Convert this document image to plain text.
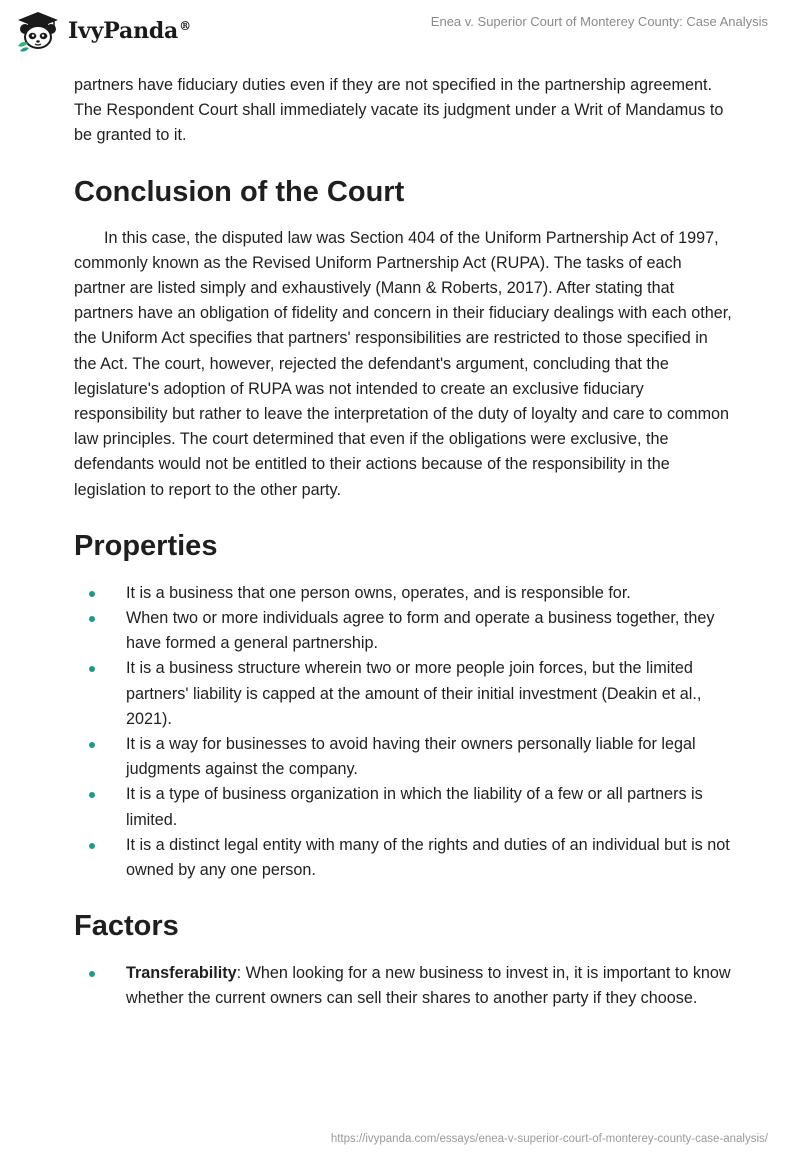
IvyPanda®	Enea v. Superior Court of Monterey County: Case Analysis

partners have fiduciary duties even if they are not specified in the partnership agreement. The Respondent Court shall immediately vacate its judgment under a Writ of Mandamus to be granted to it.

Conclusion of the Court

In this case, the disputed law was Section 404 of the Uniform Partnership Act of 1997, commonly known as the Revised Uniform Partnership Act (RUPA). The tasks of each partner are listed simply and exhaustively (Mann & Roberts, 2017). After stating that partners have an obligation of fidelity and concern in their fiduciary dealings with each other, the Uniform Act specifies that partners' responsibilities are restricted to those specified in the Act. The court, however, rejected the defendant's argument, concluding that the legislature's adoption of RUPA was not intended to create an exclusive fiduciary responsibility but rather to leave the interpretation of the duty of loyalty and care to common law principles. The court determined that even if the obligations were exclusive, the defendants would not be entitled to their actions because of the responsibility in the legislation to report to the other party.

Properties
It is a business that one person owns, operates, and is responsible for.
When two or more individuals agree to form and operate a business together, they have formed a general partnership.
It is a business structure wherein two or more people join forces, but the limited partners' liability is capped at the amount of their initial investment (Deakin et al., 2021).
It is a way for businesses to avoid having their owners personally liable for legal judgments against the company.
It is a type of business organization in which the liability of a few or all partners is limited.
It is a distinct legal entity with many of the rights and duties of an individual but is not owned by any one person.
Factors
Transferability: When looking for a new business to invest in, it is important to know whether the current owners can sell their shares to another party if they choose.
https://ivypanda.com/essays/enea-v-superior-court-of-monterey-county-case-analysis/
